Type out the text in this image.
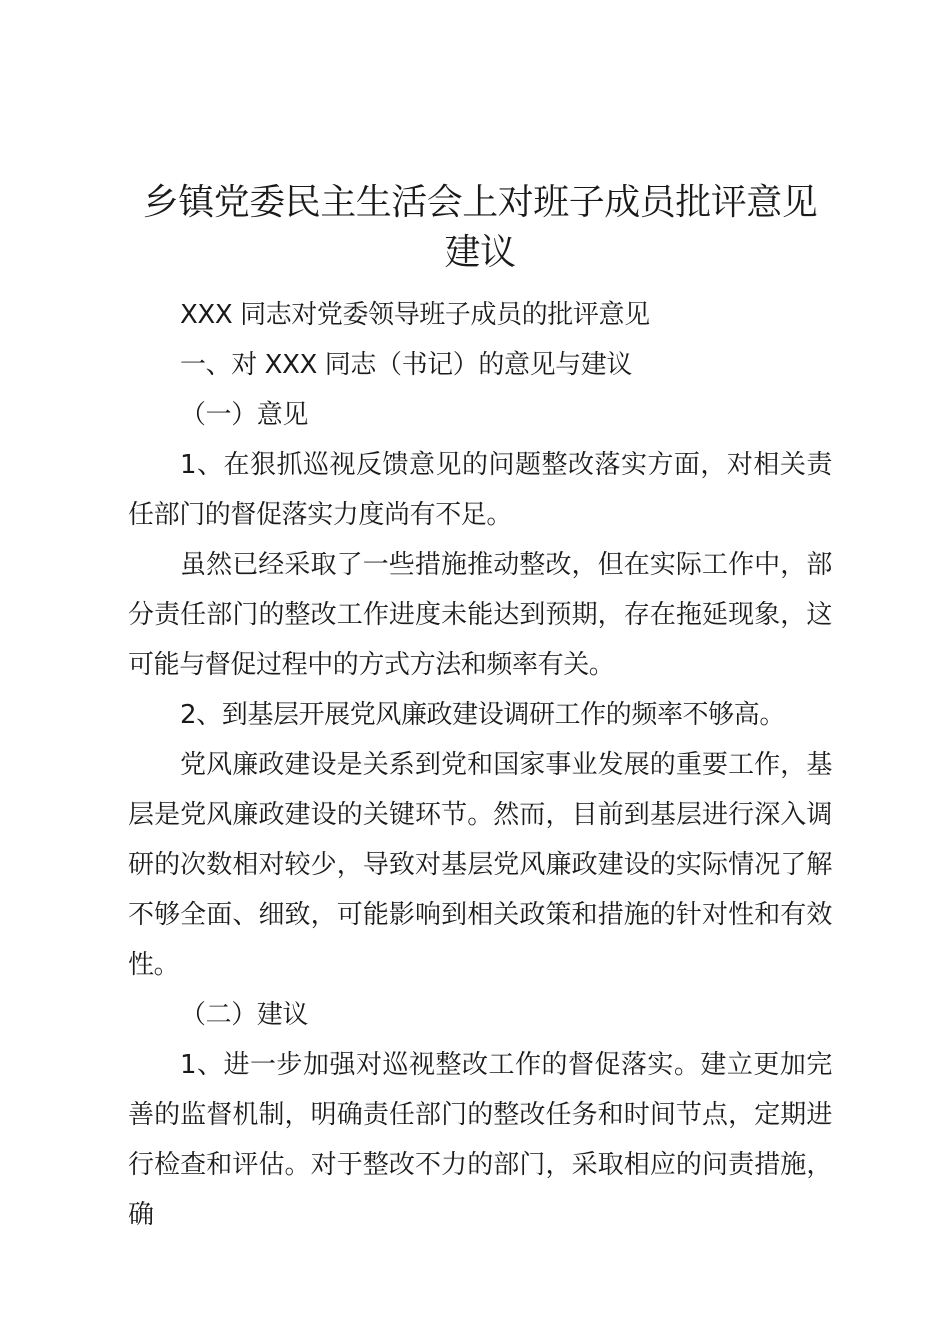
乡镇党委民主生活会上对班子成员批评意见建议

XXX 同志对党委领导班子成员的批评意见

一、对 XXX 同志（书记）的意见与建议

（一）意见

1、在狠抓巡视反馈意见的问题整改落实方面，对相关责任部门的督促落实力度尚有不足。

虽然已经采取了一些措施推动整改，但在实际工作中，部分责任部门的整改工作进度未能达到预期，存在拖延现象，这可能与督促过程中的方式方法和频率有关。

2、到基层开展党风廉政建设调研工作的频率不够高。

党风廉政建设是关系到党和国家事业发展的重要工作，基层是党风廉政建设的关键环节。然而，目前到基层进行深入调研的次数相对较少，导致对基层党风廉政建设的实际情况了解不够全面、细致，可能影响到相关政策和措施的针对性和有效性。

（二）建议

1、进一步加强对巡视整改工作的督促落实。建立更加完善的监督机制，明确责任部门的整改任务和时间节点，定期进行检查和评估。对于整改不力的部门，采取相应的问责措施，确
